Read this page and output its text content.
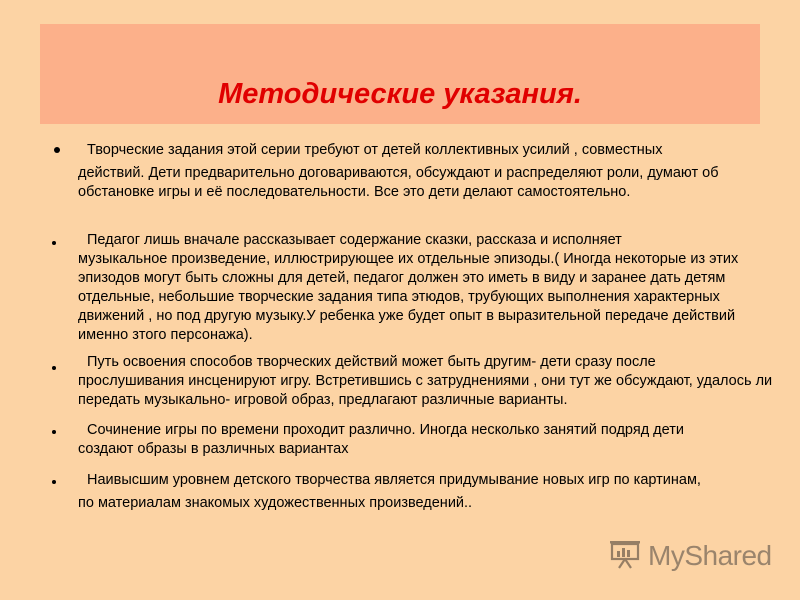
Методические указания.

Творческие задания этой серии требуют от детей коллективных усилий , совместных

действий. Дети предварительно договариваются, обсуждают и распределяют роли, думают об обстановке игры и её последовательности. Все это дети делают самостоятельно.

Педагог лишь вначале рассказывает содержание сказки, рассказа и исполняет

музыкальное произведение, иллюстрирующее их отдельные эпизоды.( Иногда некоторые из этих эпизодов могут быть сложны для детей, педагог должен это иметь в виду и заранее дать детям отдельные, небольшие творческие задания типа этюдов, трубующих выполнения характерных движений , но под другую музыку.У ребенка уже будет опыт в выразительной передаче действий именно зтого персонажа).

Путь освоения способов творческих действий может быть другим- дети сразу после

прослушивания инсценируют игру. Встретившись с затруднениями , они тут же обсуждают, удалось ли передать музыкально- игровой образ, предлагают различные варианты.

Сочинение игры по времени проходит различно. Иногда несколько занятий подряд дети

создают образы в различных вариантах

Наивысшим уровнем детского творчества является придумывание новых игр по картинам,

по материалам знакомых художественных произведений..

MyShared
